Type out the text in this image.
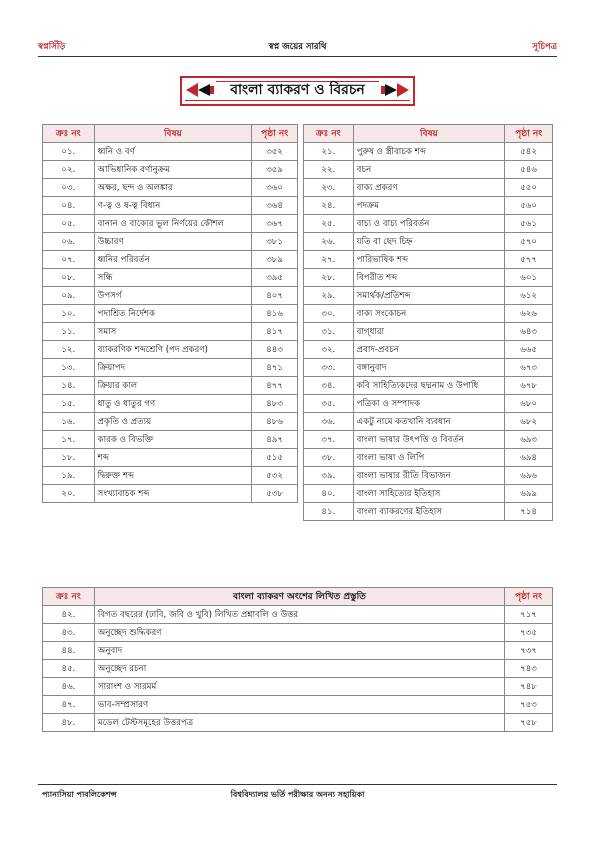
স্বপ্নসিঁড়ি	স্বপ্ন জয়ের সারথি	সূচিপত্র
বাংলা ব্যাকরণ ও বিরচন
ক্রঃ নং	বিষয়	পৃষ্ঠা নং
০১.	ধ্বনি ও বর্ণ	৩৫২
০২.	আভিধানিক বর্ণানুক্রম	৩৫৯
০৩.	অক্ষর, ছন্দ ও অলঙ্কার	৩৬০
০৪.	ণ-ত্ব ও ষ-ত্ব বিধান	৩৬৪
০৫.	বানান ও বাক্যের ভুল নির্ণয়ের কৌশল	৩৬৭
০৬.	উচ্চারণ	৩৮১
০৭.	ধ্বনির পরিবর্তন	৩৮৯
০৮.	সন্ধি	৩৯৫
০৯.	উপসর্গ	৪০৭
১০.	পদাশ্রিত নির্দেশক	৪১৬
১১.	সমাস	৪১৭
১২.	ব্যাকরণিক শব্দশ্রেণি (পদ প্রকরণ)	৪৪৩
১৩.	ক্রিয়াপদ	৪৭১
১৪.	ক্রিয়ার কাল	৪৭৭
১৫.	ধাতু ও ধাতুর গণ	৪৮৩
১৬.	প্রকৃতি ও প্রত্যয়	৪৮৬
১৭.	কারক ও বিভক্তি	৪৯৭
১৮.	শব্দ	৫১৫
১৯.	দ্বিরুক্ত শব্দ	৫৩২
২০.	সংখ্যাবাচক শব্দ	৫৩৮
ক্রঃ নং	বিষয়	পৃষ্ঠা নং
২১.	পুরুষ ও স্ত্রীবাচক শব্দ	৫৪২
২২.	বচন	৫৪৬
২৩.	বাক্য প্রকরণ	৫৫০
২৪.	পদক্রম	৫৬০
২৫.	বাচ্য ও বাচ্য পরিবর্তন	৫৬১
২৬.	যতি বা ছেদ চিহ্ন	৫৭০
২৭.	পারিভাষিক শব্দ	৫৭৭
২৮.	বিপরীত শব্দ	৬০১
২৯.	সমার্থক/প্রতিশব্দ	৬১২
৩০.	বাক্য সংকোচন	৬২৬
৩১.	বাগ্‌ধারা	৬৪৩
৩২.	প্রবাদ-প্রবচন	৬৬৫
৩৩.	বঙ্গানুবাদ	৬৭৩
৩৪.	কবি সাহিত্যিকদের ছদ্মনাম ও উপাধি	৬৭৮
৩৫.	পত্রিকা ও সম্পাদক	৬৮০
৩৬.	একটু নামে কতখানি ব্যবধান	৬৮২
৩৭.	বাংলা ভাষার উৎপত্তি ও বিবর্তন	৬৯৩
৩৮.	বাংলা ভাষা ও লিপি	৬৯৪
৩৯.	বাংলা ভাষার রীতি বিভাজন	৬৯৬
৪০.	বাংলা সাহিত্যের ইতিহাস	৬৯৯
৪১.	বাংলা ব্যাকরণের ইতিহাস	৭১৪
ক্রঃ নং	বাংলা ব্যাকরণ অংশের লিখিত প্রস্তুতি	পৃষ্ঠা নং
৪২.	বিগত বছরের (ঢাবি, জবি ও খুবি) লিখিত প্রশ্নাবলি ও উত্তর	৭১৭
৪৩.	অনুচ্ছেদ শুদ্ধিকরণ	৭৩৫
৪৪.	অনুবাদ	৭৩৭
৪৫.	অনুচ্ছেদ রচনা	৭৪৩
৪৬.	সারাংশ ও সারমর্ম	৭৪৮
৪৭.	ভাব-সম্প্রসারণ	৭৫৩
৪৮.	মডেল টেস্টসমূহের উত্তরপত্র	৭৫৮
প্যানাসিয়া পাবলিকেশন্স	বিশ্ববিদ্যালয় ভর্তি পরীক্ষার অনন্য সহায়িকা
